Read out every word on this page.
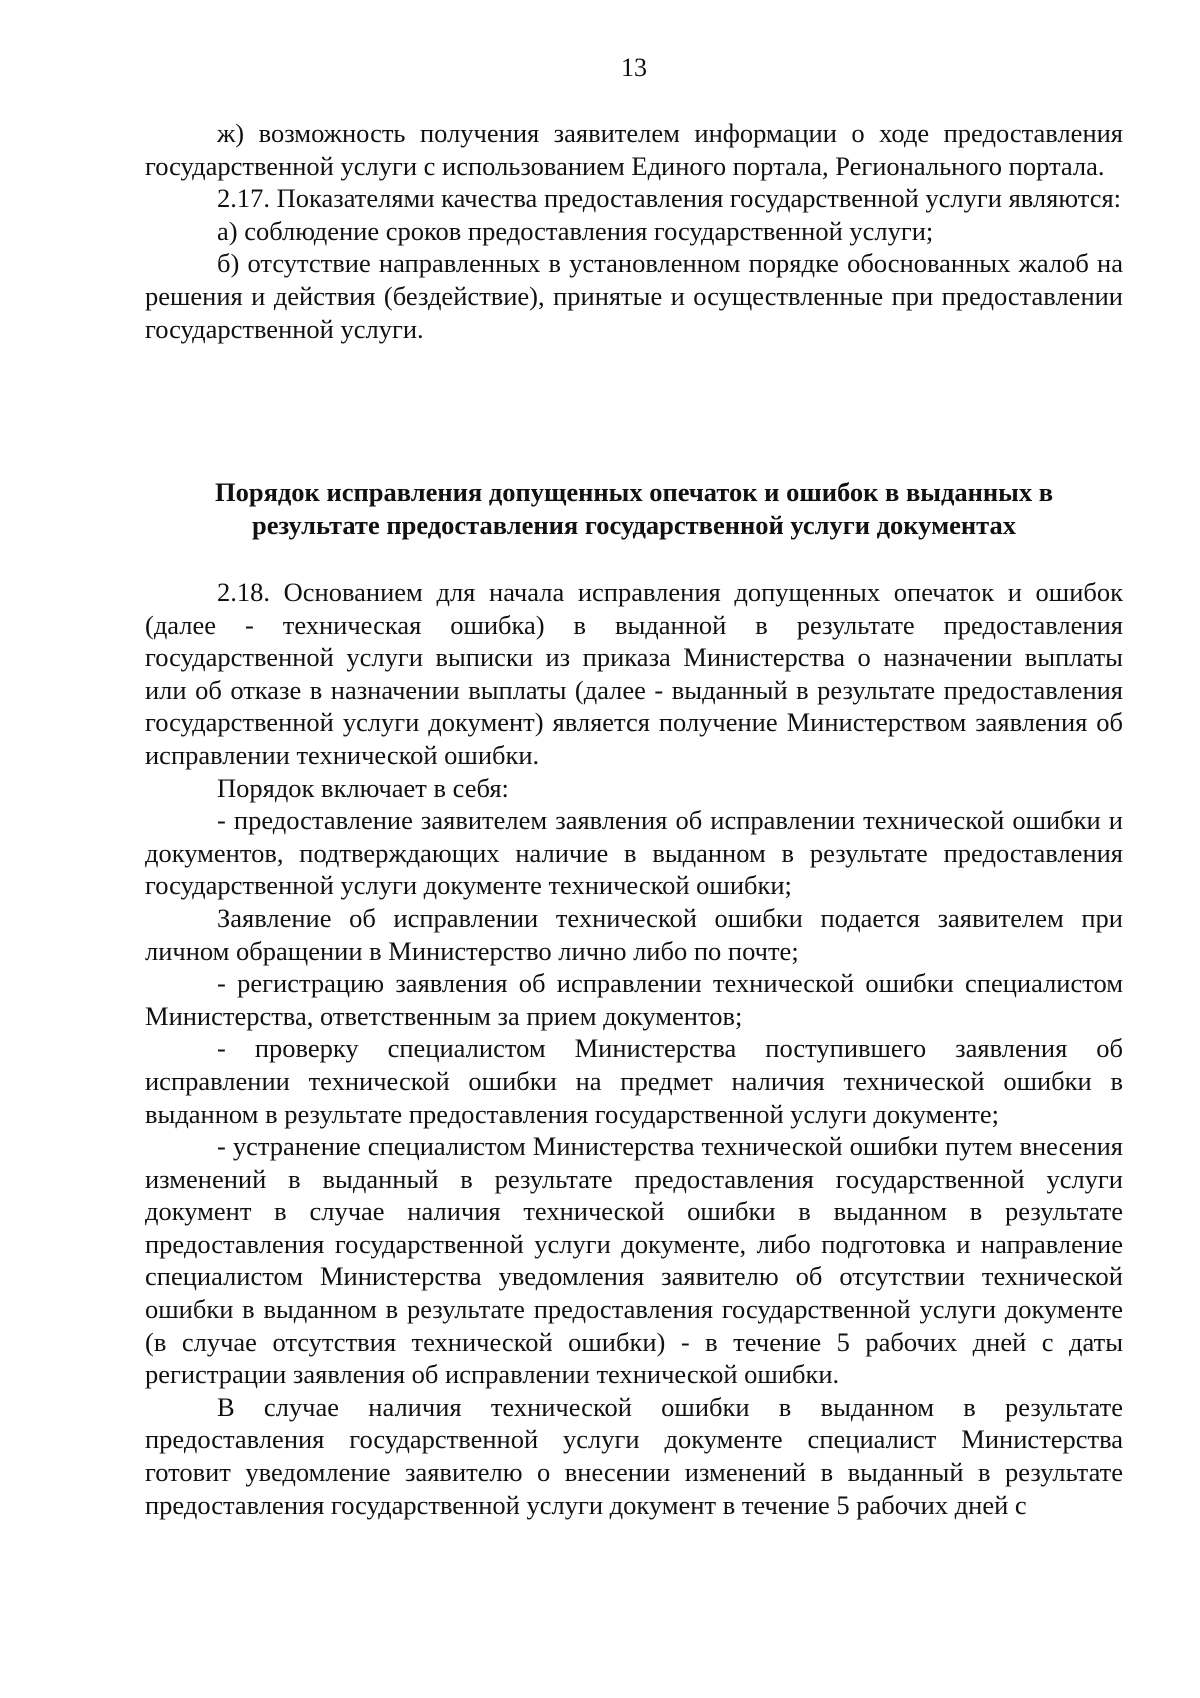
13

ж) возможность получения заявителем информации о ходе предоставления государственной услуги с использованием Единого портала, Регионального портала.

2.17. Показателями качества предоставления государственной услуги являются:

а) соблюдение сроков предоставления государственной услуги;

б) отсутствие направленных в установленном порядке обоснованных жалоб на решения и действия (бездействие), принятые и осуществленные при предоставлении государственной услуги.

Порядок исправления допущенных опечаток и ошибок в выданных в
результате предоставления государственной услуги документах

2.18. Основанием для начала исправления допущенных опечаток и ошибок (далее - техническая ошибка) в выданной в результате предоставления государственной услуги выписки из приказа Министерства о назначении выплаты или об отказе в назначении выплаты (далее - выданный в результате предоставления государственной услуги документ) является получение Министерством заявления об исправлении технической ошибки.

Порядок включает в себя:

- предоставление заявителем заявления об исправлении технической ошибки и документов, подтверждающих наличие в выданном в результате предоставления государственной услуги документе технической ошибки;

Заявление об исправлении технической ошибки подается заявителем при личном обращении в Министерство лично либо по почте;

- регистрацию заявления об исправлении технической ошибки специалистом Министерства, ответственным за прием документов;

- проверку специалистом Министерства поступившего заявления об исправлении технической ошибки на предмет наличия технической ошибки в выданном в результате предоставления государственной услуги документе;

- устранение специалистом Министерства технической ошибки путем внесения изменений в выданный в результате предоставления государственной услуги документ в случае наличия технической ошибки в выданном в результате предоставления государственной услуги документе, либо подготовка и направление специалистом Министерства уведомления заявителю об отсутствии технической ошибки в выданном в результате предоставления государственной услуги документе (в случае отсутствия технической ошибки) - в течение 5 рабочих дней с даты регистрации заявления об исправлении технической ошибки.

В случае наличия технической ошибки в выданном в результате предоставления государственной услуги документе специалист Министерства готовит уведомление заявителю о внесении изменений в выданный в результате предоставления государственной услуги документ в течение 5 рабочих дней с
